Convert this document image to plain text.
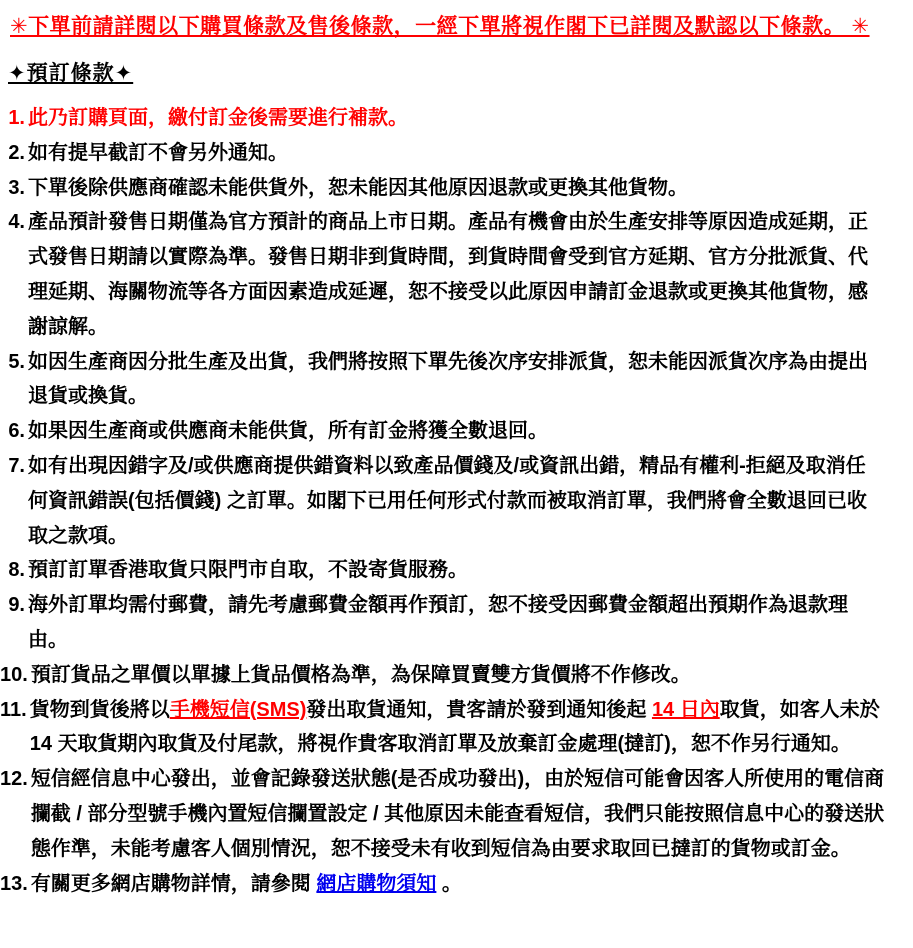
✳下單前請詳閱以下購買條款及售後條款，一經下單將視作閣下已詳閱及默認以下條款。 ✳
✦預訂條款✦
1. 此乃訂購頁面，繳付訂金後需要進行補款。
2. 如有提早截訂不會另外通知。
3. 下單後除供應商確認未能供貨外，恕未能因其他原因退款或更換其他貨物。
4. 產品預計發售日期僅為官方預計的商品上市日期。產品有機會由於生產安排等原因造成延期，正式發售日期請以實際為準。發售日期非到貨時間，到貨時間會受到官方延期、官方分批派貨、代理延期、海關物流等各方面因素造成延遲，恕不接受以此原因申請訂金退款或更換其他貨物，感謝諒解。
5. 如因生產商因分批生產及出貨，我們將按照下單先後次序安排派貨，恕未能因派貨次序為由提出退貨或換貨。
6. 如果因生產商或供應商未能供貨，所有訂金將獲全數退回。
7. 如有出現因錯字及/或供應商提供錯資料以致產品價錢及/或資訊出錯，精品有權利-拒絕及取消任何資訊錯誤(包括價錢) 之訂單。如閣下已用任何形式付款而被取消訂單，我們將會全數退回已收取之款項。
8. 預訂訂單香港取貨只限門市自取，不設寄貨服務。
9. 海外訂單均需付郵費，請先考慮郵費金額再作預訂，恕不接受因郵費金額超出預期作為退款理由。
10. 預訂貨品之單價以單據上貨品價格為準，為保障買賣雙方貨價將不作修改。
11. 貨物到貨後將以手機短信(SMS)發出取貨通知，貴客請於發到通知後起 14 日內取貨，如客人未於 14 天取貨期內取貨及付尾款，將視作貴客取消訂單及放棄訂金處理(撻訂)，恕不作另行通知。
12. 短信經信息中心發出，並會記錄發送狀態(是否成功發出)，由於短信可能會因客人所使用的電信商攔截 / 部分型號手機內置短信攔置設定 / 其他原因未能查看短信，我們只能按照信息中心的發送狀態作準，未能考慮客人個別情況，恕不接受未有收到短信為由要求取回已撻訂的貨物或訂金。
13. 有關更多網店購物詳情，請參閱 網店購物須知 。
